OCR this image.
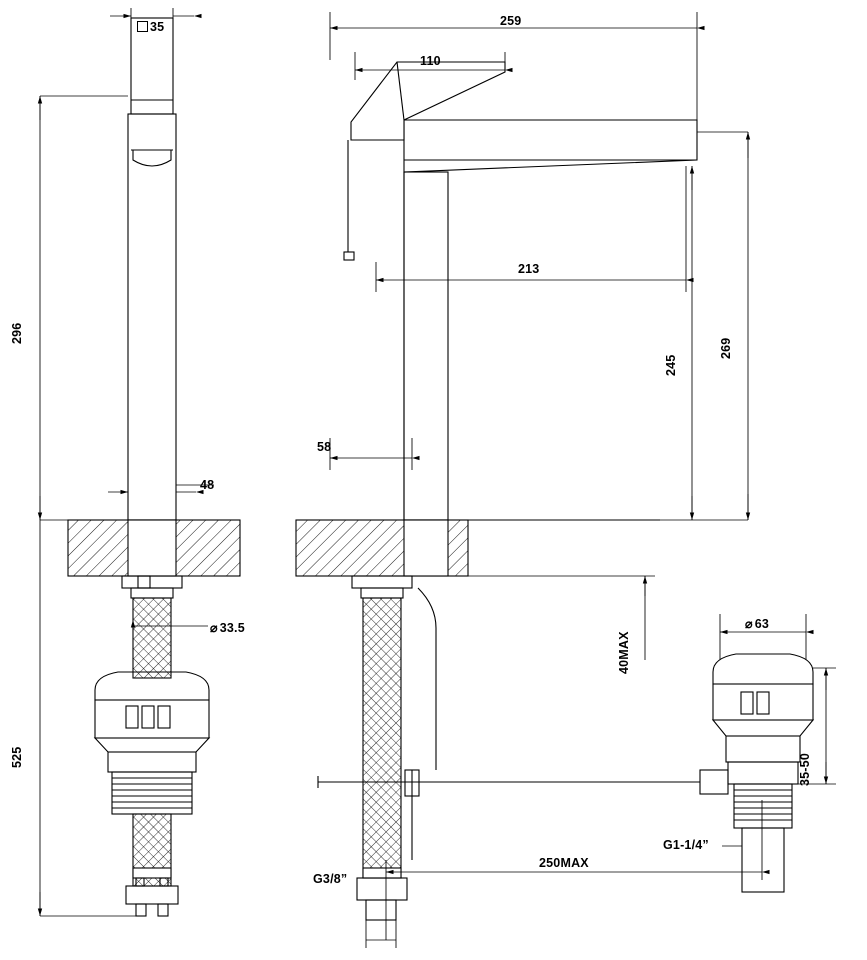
35
296
48
525
⌀ 33.5
259
110
213
58
269
245
40MAX
250MAX
G3/8”
⌀ 63
35-50
G1-1/4”
